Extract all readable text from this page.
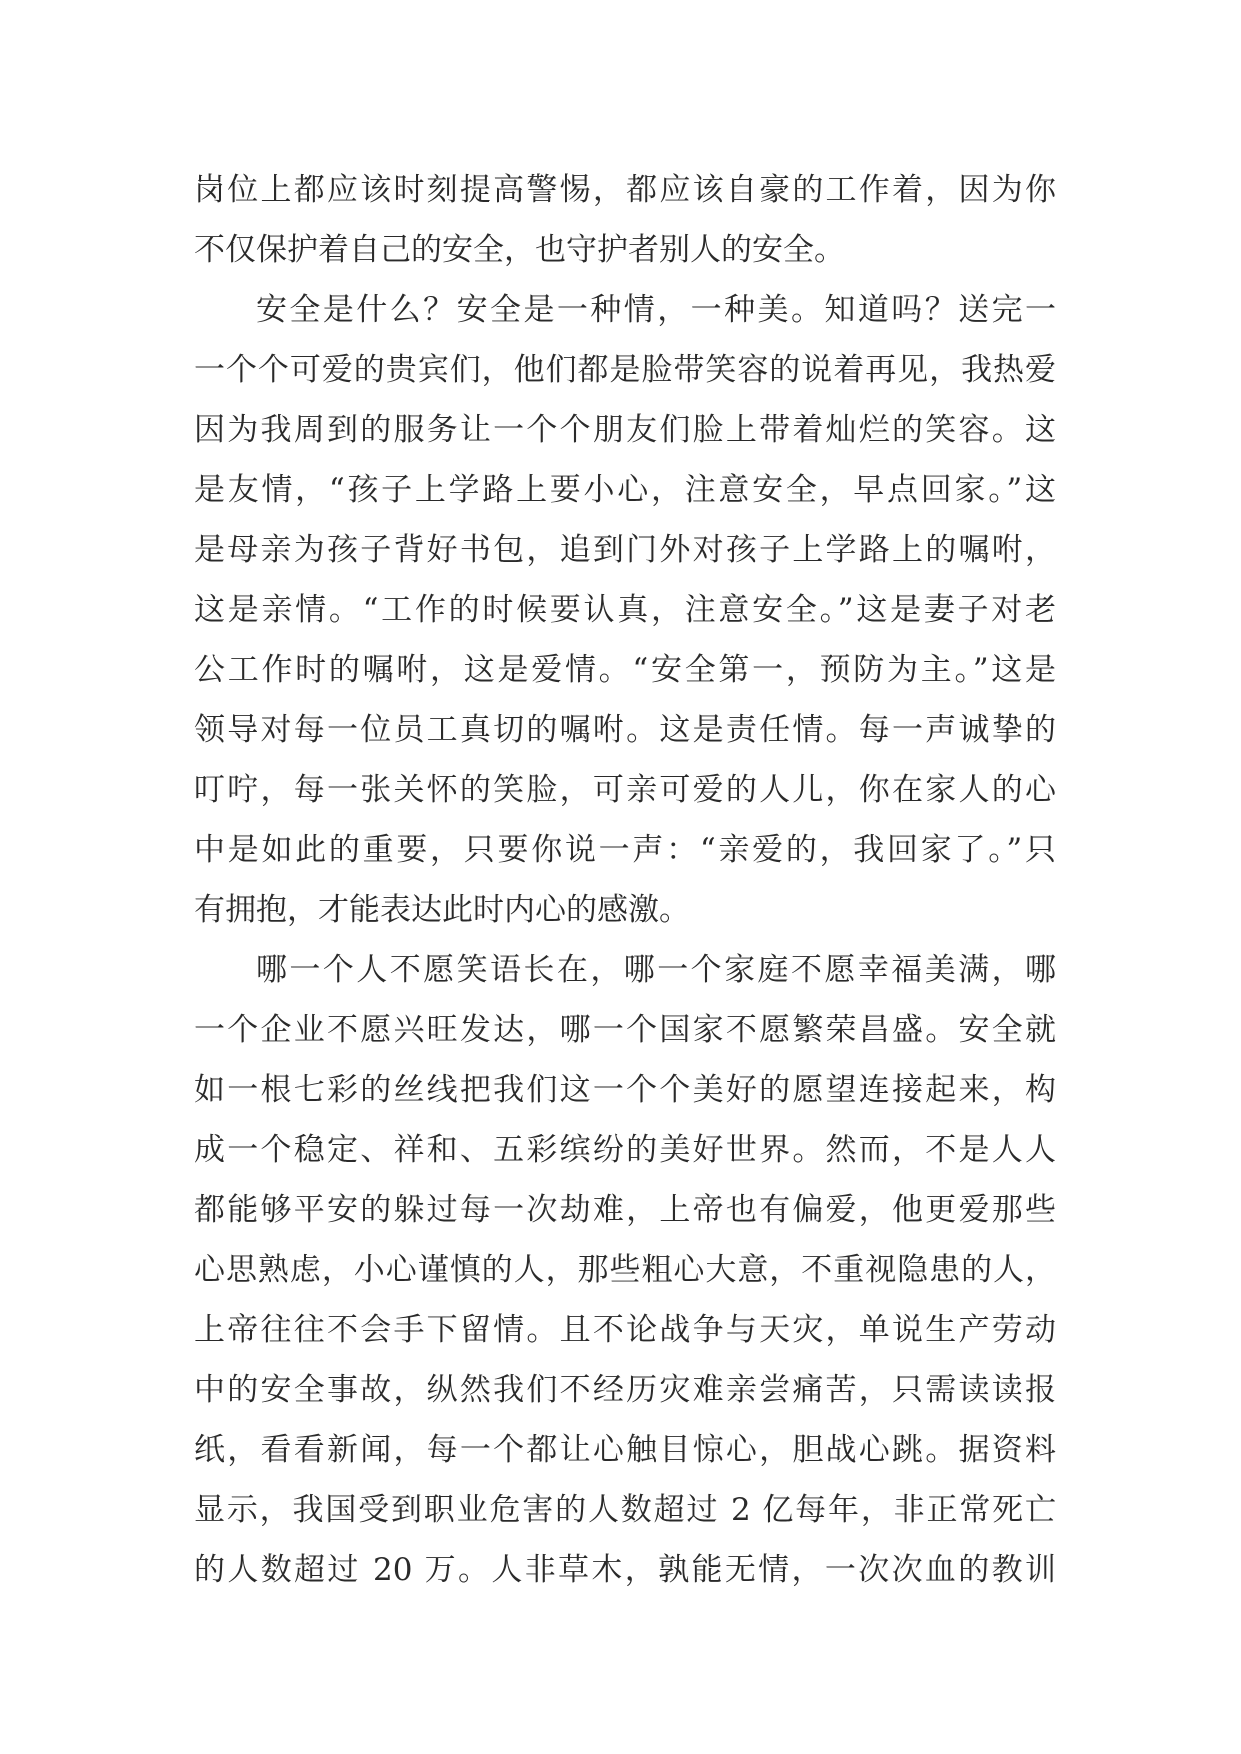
岗位上都应该时刻提高警惕，都应该自豪的工作着，因为你
不仅保护着自己的安全，也守护者别人的安全。
安全是什么？安全是一种情，一种美。知道吗？送完一
一个个可爱的贵宾们，他们都是脸带笑容的说着再见，我热爱
因为我周到的服务让一个个朋友们脸上带着灿烂的笑容。这
是友情，“孩子上学路上要小心，注意安全，早点回家。”这
是母亲为孩子背好书包，追到门外对孩子上学路上的嘱咐，
这是亲情。“工作的时候要认真，注意安全。”这是妻子对老
公工作时的嘱咐，这是爱情。“安全第一，预防为主。”这是
领导对每一位员工真切的嘱咐。这是责任情。每一声诚挚的
叮咛，每一张关怀的笑脸，可亲可爱的人儿，你在家人的心
中是如此的重要，只要你说一声：“亲爱的，我回家了。”只
有拥抱，才能表达此时内心的感激。
哪一个人不愿笑语长在，哪一个家庭不愿幸福美满，哪
一个企业不愿兴旺发达，哪一个国家不愿繁荣昌盛。安全就
如一根七彩的丝线把我们这一个个美好的愿望连接起来，构
成一个稳定、祥和、五彩缤纷的美好世界。然而，不是人人
都能够平安的躲过每一次劫难，上帝也有偏爱，他更爱那些
心思熟虑，小心谨慎的人，那些粗心大意，不重视隐患的人，
上帝往往不会手下留情。且不论战争与天灾，单说生产劳动
中的安全事故，纵然我们不经历灾难亲尝痛苦，只需读读报
纸，看看新闻，每一个都让心触目惊心，胆战心跳。据资料
显示，我国受到职业危害的人数超过 2 亿每年，非正常死亡
的人数超过 20 万。人非草木，孰能无情，一次次血的教训
